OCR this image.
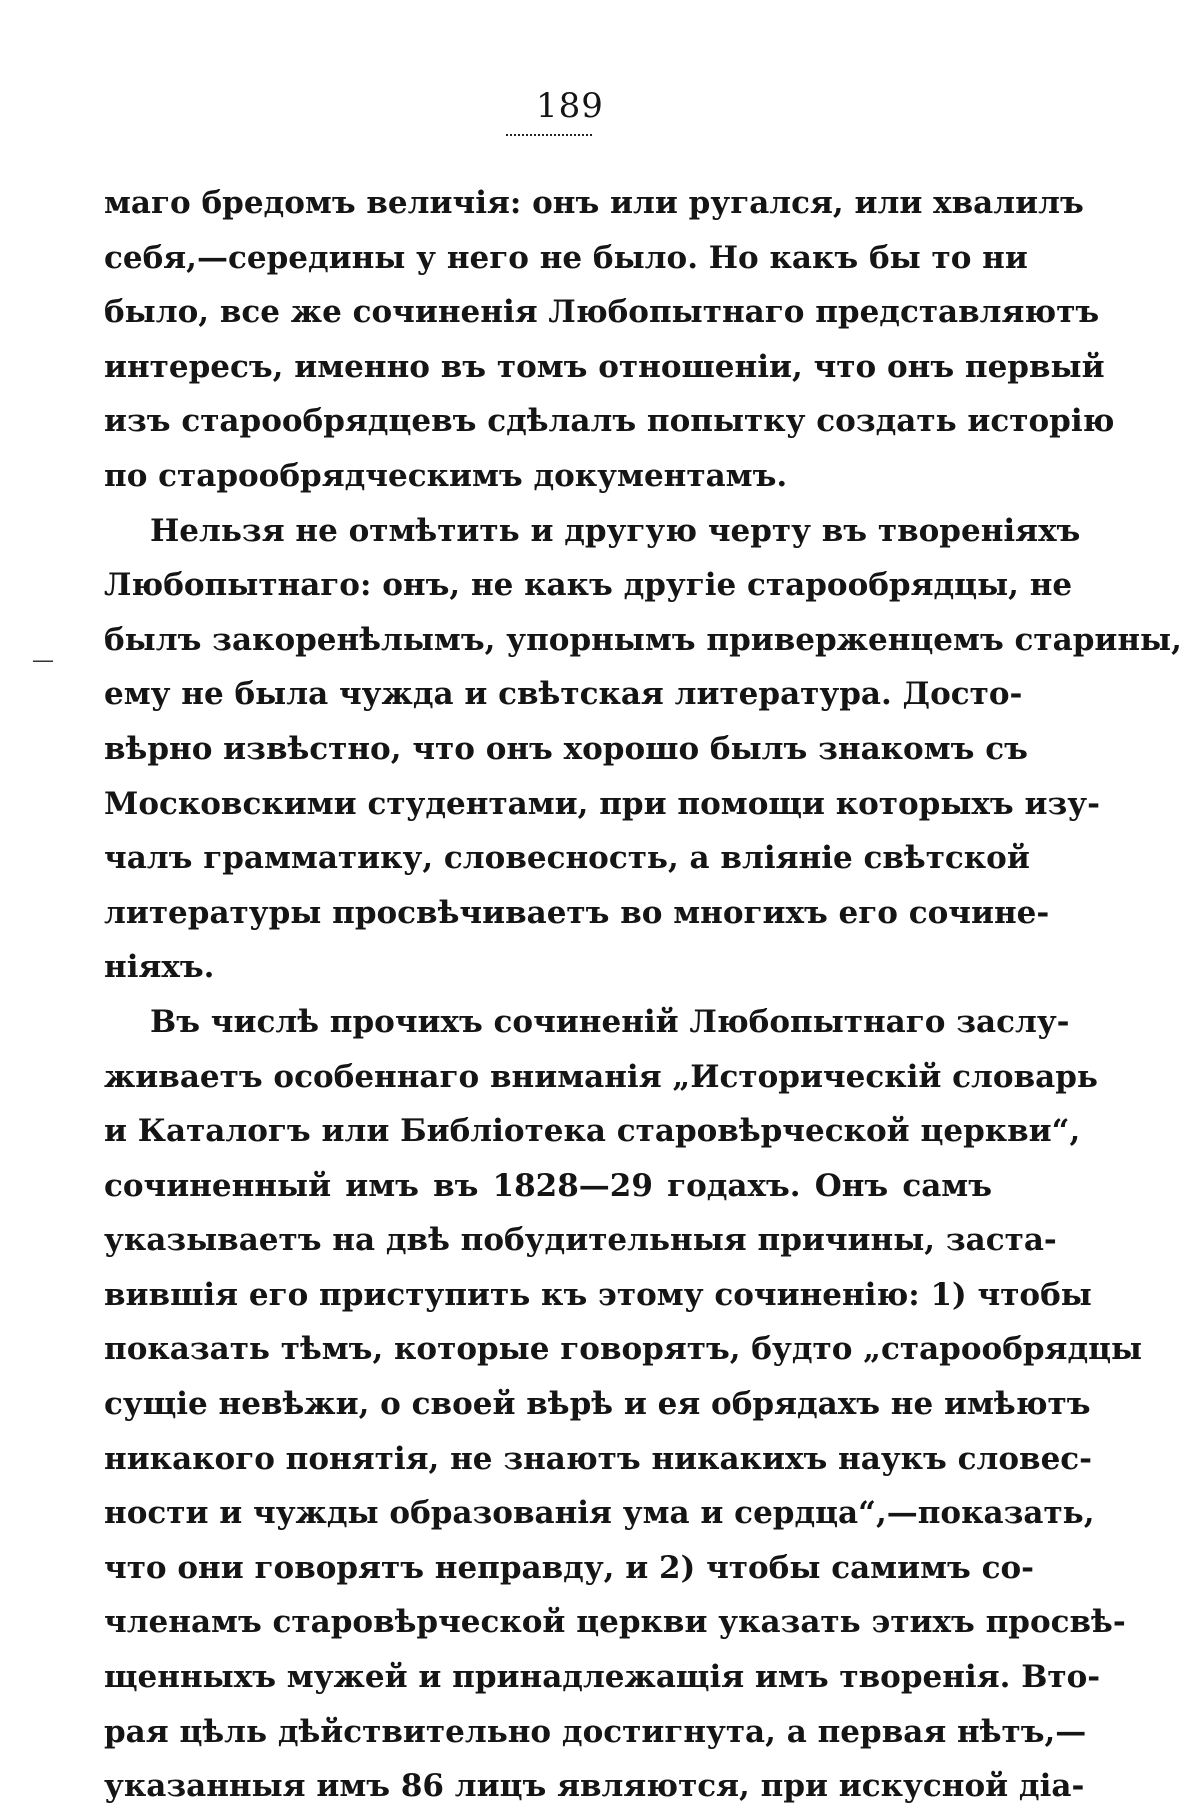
189
—
маго бредомъ величія: онъ или ругался, или хвалилъ
себя,—середины у него не было. Но какъ бы то ни
было, все же сочиненія Любопытнаго представляютъ
интересъ, именно въ томъ отношеніи, что онъ первый
изъ старообрядцевъ сдѣлалъ попытку создать исторію
по старообрядческимъ документамъ.
Нельзя не отмѣтить и другую черту въ твореніяхъ
Любопытнаго: онъ, не какъ другіе старообрядцы, не
былъ закоренѣлымъ, упорнымъ приверженцемъ старины,
ему не была чужда и свѣтская литература. Досто-
вѣрно извѣстно, что онъ хорошо былъ знакомъ съ
Московскими студентами, при помощи которыхъ изу-
чалъ грамматику, словесность, а вліяніе свѣтской
литературы просвѣчиваетъ во многихъ его сочине-
ніяхъ.
Въ числѣ прочихъ сочиненій Любопытнаго заслу-
живаетъ особеннаго вниманія „Историческій словарь
и Каталогъ или Библіотека старовѣрческой церкви“,
сочиненный имъ въ 1828—29 годахъ. Онъ самъ
указываетъ на двѣ побудительныя причины, заста-
вившія его приступить къ этому сочиненію: 1) чтобы
показать тѣмъ, которые говорятъ, будто „старообрядцы
сущіе невѣжи, о своей вѣрѣ и ея обрядахъ не имѣютъ
никакого понятія, не знаютъ никакихъ наукъ словес-
ности и чужды образованія ума и сердца“,—показать,
что они говорятъ неправду, и 2) чтобы самимъ со-
членамъ старовѣрческой церкви указать этихъ просвѣ-
щенныхъ мужей и принадлежащія имъ творенія. Вто-
рая цѣль дѣйствительно достигнута, а первая нѣтъ,—
указанныя имъ 86 лицъ являются, при искусной діа-
